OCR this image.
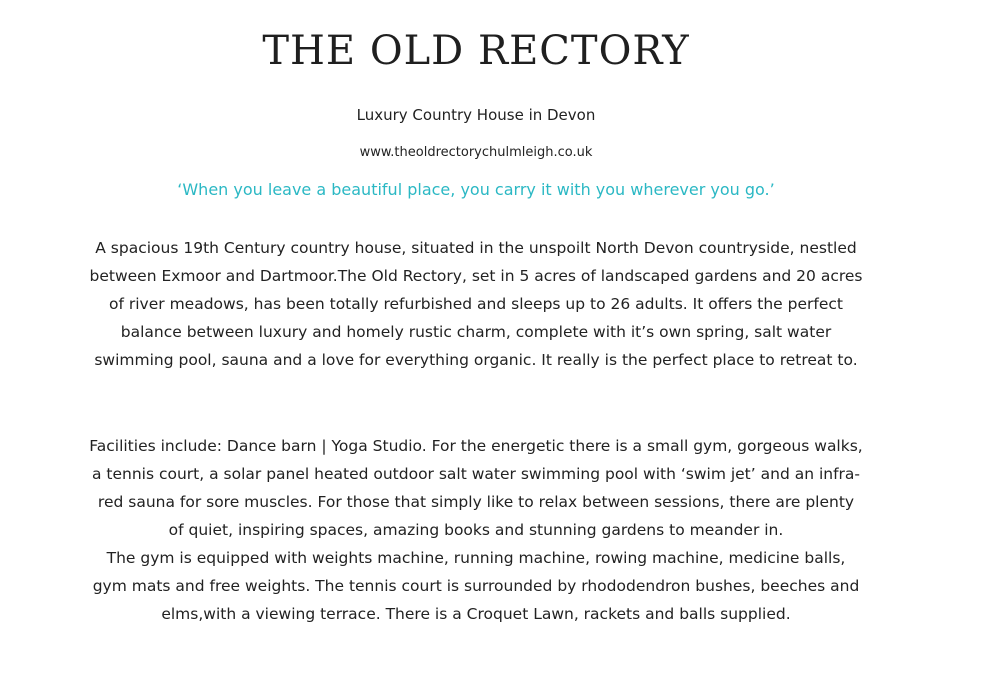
THE OLD RECTORY

Luxury Country House in Devon

www.theoldrectorychulmleigh.co.uk

‘When you leave a beautiful place, you carry it with you wherever you go.’

A spacious 19th Century country house, situated in the unspoilt North Devon countryside, nestled between Exmoor and Dartmoor.The Old Rectory, set in 5 acres of landscaped gardens and 20 acres of river meadows, has been totally refurbished and sleeps up to 26 adults. It offers the perfect balance between luxury and homely rustic charm, complete with it’s own spring, salt water swimming pool, sauna and a love for everything organic. It really is the perfect place to retreat to.

Facilities include: Dance barn | Yoga Studio. For the energetic there is a small gym, gorgeous walks, a tennis court, a solar panel heated outdoor salt water swimming pool with ‘swim jet’ and an infra-red sauna for sore muscles. For those that simply like to relax between sessions, there are plenty of quiet, inspiring spaces, amazing books and stunning gardens to meander in.
The gym is equipped with weights machine, running machine, rowing machine, medicine balls, gym mats and free weights. The tennis court is surrounded by rhododendron bushes, beeches and elms,with a viewing terrace. There is a Croquet Lawn, rackets and balls supplied.
